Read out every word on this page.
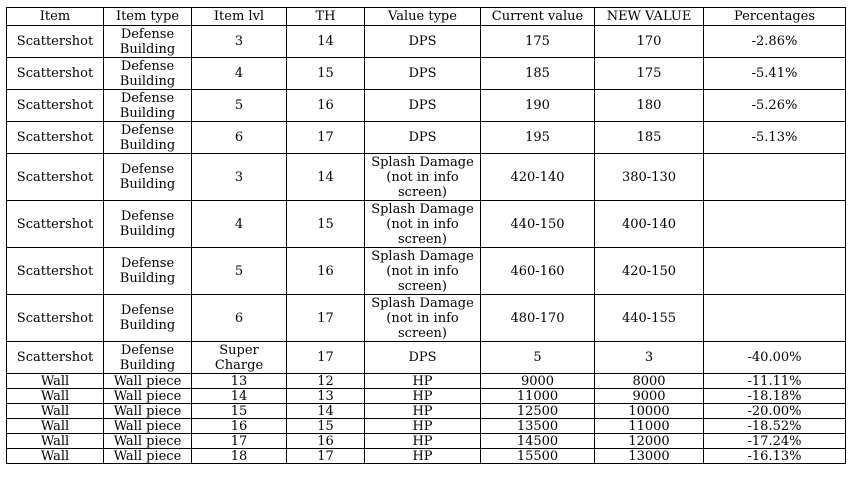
Item	Item type	Item lvl	TH	Value type	Current value	NEW VALUE	Percentages
Scattershot	Defense Building	3	14	DPS	175	170	-2.86%
Scattershot	Defense Building	4	15	DPS	185	175	-5.41%
Scattershot	Defense Building	5	16	DPS	190	180	-5.26%
Scattershot	Defense Building	6	17	DPS	195	185	-5.13%
Scattershot	Defense Building	3	14	Splash Damage (not in info screen)	420-140	380-130	
Scattershot	Defense Building	4	15	Splash Damage (not in info screen)	440-150	400-140	
Scattershot	Defense Building	5	16	Splash Damage (not in info screen)	460-160	420-150	
Scattershot	Defense Building	6	17	Splash Damage (not in info screen)	480-170	440-155	
Scattershot	Defense Building	Super Charge	17	DPS	5	3	-40.00%
Wall	Wall piece	13	12	HP	9000	8000	-11.11%
Wall	Wall piece	14	13	HP	11000	9000	-18.18%
Wall	Wall piece	15	14	HP	12500	10000	-20.00%
Wall	Wall piece	16	15	HP	13500	11000	-18.52%
Wall	Wall piece	17	16	HP	14500	12000	-17.24%
Wall	Wall piece	18	17	HP	15500	13000	-16.13%
